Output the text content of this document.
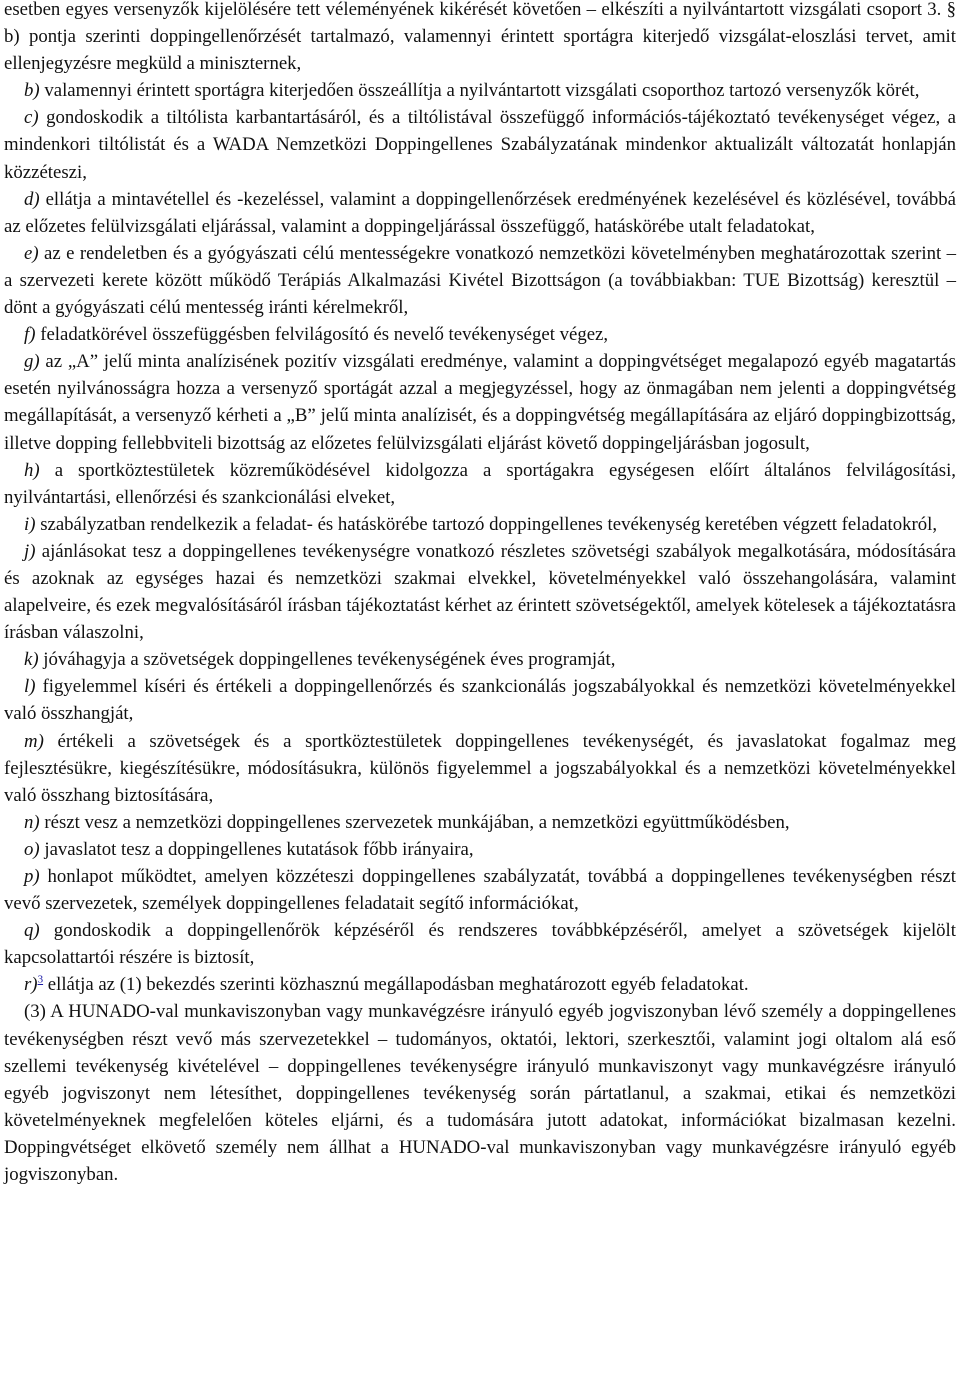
esetben egyes versenyzők kijelölésére tett véleményének kikérését követően – elkészíti a nyilvántartott vizsgálati csoport 3. § b) pontja szerinti doppingellenőrzését tartalmazó, valamennyi érintett sportágra kiterjedő vizsgálat-eloszlási tervet, amit ellenjegyzésre megküld a miniszternek,

b) valamennyi érintett sportágra kiterjedően összeállítja a nyilvántartott vizsgálati csoporthoz tartozó versenyzők körét,

c) gondoskodik a tiltólista karbantartásáról, és a tiltólistával összefüggő információs-tájékoztató tevékenységet végez, a mindenkori tiltólistát és a WADA Nemzetközi Doppingellenes Szabályzatának mindenkor aktualizált változatát honlapján közzéteszi,

d) ellátja a mintavétellel és -kezeléssel, valamint a doppingellenőrzések eredményének kezelésével és közlésével, továbbá az előzetes felülvizsgálati eljárással, valamint a doppingeljárással összefüggő, hatáskörébe utalt feladatokat,

e) az e rendeletben és a gyógyászati célú mentességekre vonatkozó nemzetközi követelményben meghatározottak szerint – a szervezeti kerete között működő Terápiás Alkalmazási Kivétel Bizottságon (a továbbiakban: TUE Bizottság) keresztül – dönt a gyógyászati célú mentesség iránti kérelmekről,

f) feladatkörével összefüggésben felvilágosító és nevelő tevékenységet végez,

g) az „A” jelű minta analízisének pozitív vizsgálati eredménye, valamint a doppingvétséget megalapozó egyéb magatartás esetén nyilvánosságra hozza a versenyző sportágát azzal a megjegyzéssel, hogy az önmagában nem jelenti a doppingvétség megállapítását, a versenyző kérheti a „B” jelű minta analízisét, és a doppingvétség megállapítására az eljáró doppingbizottság, illetve dopping fellebbviteli bizottság az előzetes felülvizsgálati eljárást követő doppingeljárásban jogosult,

h) a sportköztestületek közreműködésével kidolgozza a sportágakra egységesen előírt általános felvilágosítási, nyilvántartási, ellenőrzési és szankcionálási elveket,

i) szabályzatban rendelkezik a feladat- és hatáskörébe tartozó doppingellenes tevékenység keretében végzett feladatokról,

j) ajánlásokat tesz a doppingellenes tevékenységre vonatkozó részletes szövetségi szabályok megalkotására, módosítására és azoknak az egységes hazai és nemzetközi szakmai elvekkel, követelményekkel való összehangolására, valamint alapelveire, és ezek megvalósításáról írásban tájékoztatást kérhet az érintett szövetségektől, amelyek kötelesek a tájékoztatásra írásban válaszolni,

k) jóváhagyja a szövetségek doppingellenes tevékenységének éves programját,

l) figyelemmel kíséri és értékeli a doppingellenőrzés és szankcionálás jogszabályokkal és nemzetközi követelményekkel való összhangját,

m) értékeli a szövetségek és a sportköztestületek doppingellenes tevékenységét, és javaslatokat fogalmaz meg fejlesztésükre, kiegészítésükre, módosításukra, különös figyelemmel a jogszabályokkal és a nemzetközi követelményekkel való összhang biztosítására,

n) részt vesz a nemzetközi doppingellenes szervezetek munkájában, a nemzetközi együttműködésben,

o) javaslatot tesz a doppingellenes kutatások főbb irányaira,

p) honlapot működtet, amelyen közzéteszi doppingellenes szabályzatát, továbbá a doppingellenes tevékenységben részt vevő szervezetek, személyek doppingellenes feladatait segítő információkat,

q) gondoskodik a doppingellenőrök képzéséről és rendszeres továbbképzéséről, amelyet a szövetségek kijelölt kapcsolattartói részére is biztosít,

r)$^3$ ellátja az (1) bekezdés szerinti közhasznú megállapodásban meghatározott egyéb feladatokat.

(3) A HUNADO-val munkaviszonyban vagy munkavégzésre irányuló egyéb jogviszonyban lévő személy a doppingellenes tevékenységben részt vevő más szervezetekkel – tudományos, oktatói, lektori, szerkesztői, valamint jogi oltalom alá eső szellemi tevékenység kivételével – doppingellenes tevékenységre irányuló munkaviszonyt vagy munkavégzésre irányuló egyéb jogviszonyt nem létesíthet, doppingellenes tevékenység során pártatlanul, a szakmai, etikai és nemzetközi követelményeknek megfelelően köteles eljárni, és a tudomására jutott adatokat, információkat bizalmasan kezelni. Doppingvétséget elkövető személy nem állhat a HUNADO-val munkaviszonyban vagy munkavégzésre irányuló egyéb jogviszonyban.
